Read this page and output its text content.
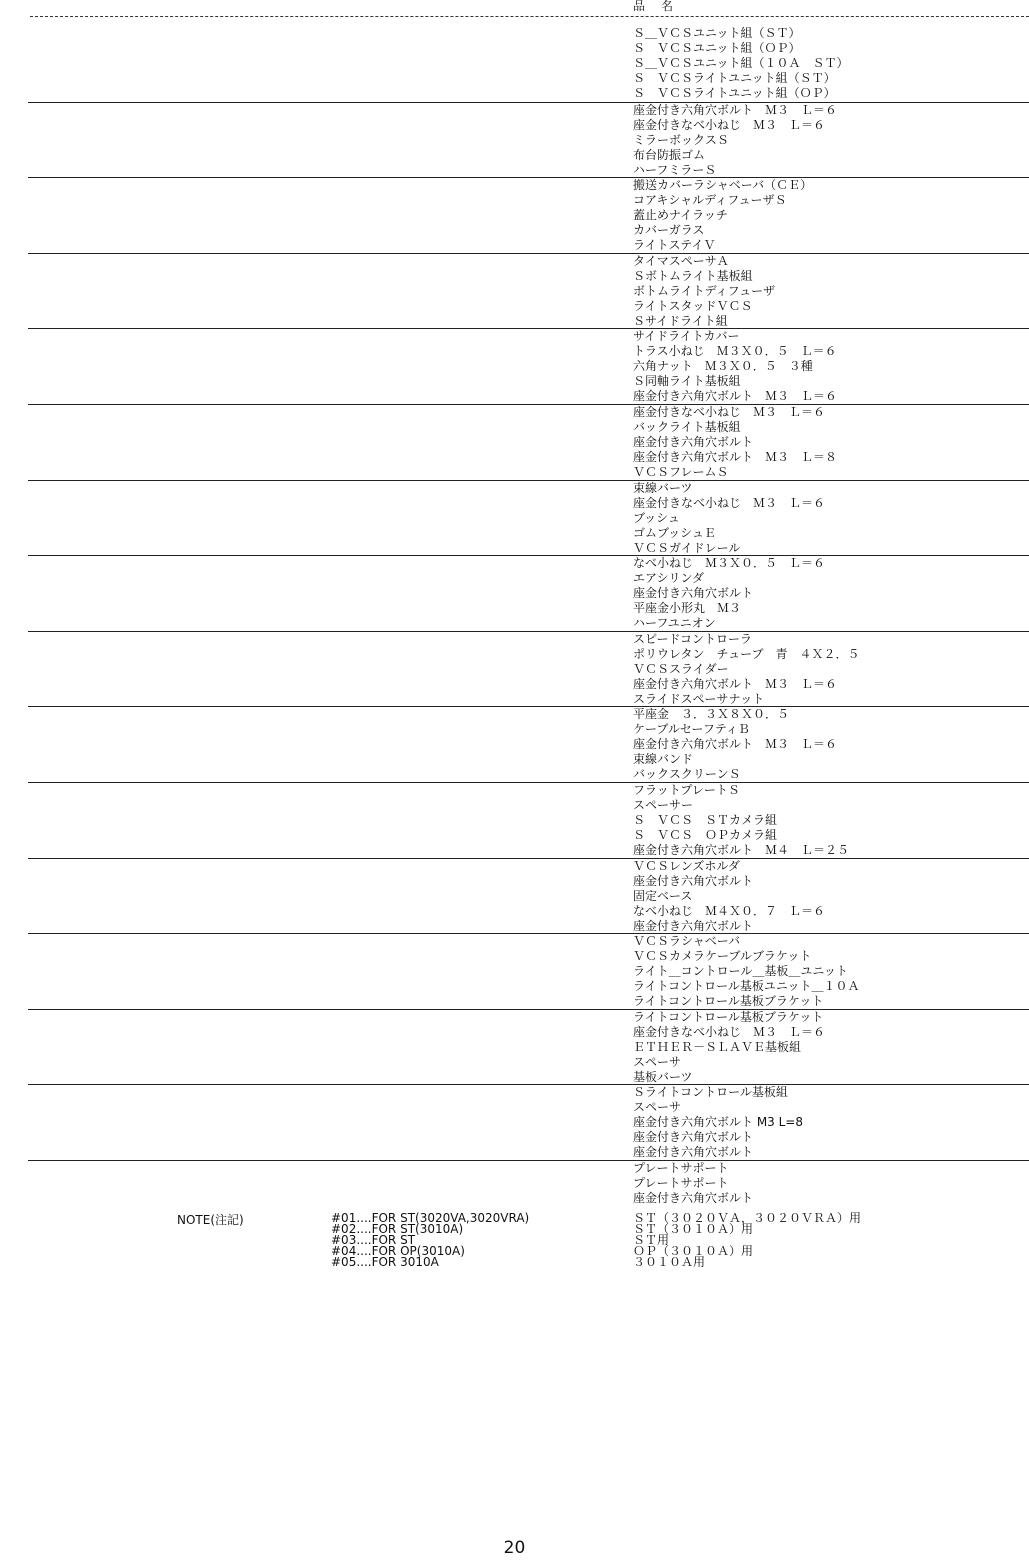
品　名
Ｓ＿ＶＣＳユニット組（ＳＴ）
Ｓ　ＶＣＳユニット組（ＯＰ）
Ｓ＿ＶＣＳユニット組（１０Ａ　ＳＴ）
Ｓ　ＶＣＳライトユニット組（ＳＴ）
Ｓ　ＶＣＳライトユニット組（ＯＰ）
座金付き六角穴ボルト　Ｍ３　Ｌ＝６
座金付きなべ小ねじ　Ｍ３　Ｌ＝６
ミラーボックスＳ
布台防振ゴム
ハーフミラーＳ
搬送カバーラシャベーバ（ＣＥ）
コアキシャルディフューザＳ
蓋止めナイラッチ
カバーガラス
ライトステイＶ
タイマスペーサＡ
Ｓボトムライト基板組
ボトムライトディフューザ
ライトスタッドＶＣＳ
Ｓサイドライト組
サイドライトカバー
トラス小ねじ　Ｍ３Ｘ０．５　Ｌ＝６
六角ナット　Ｍ３Ｘ０．５　３種
Ｓ同軸ライト基板組
座金付き六角穴ボルト　Ｍ３　Ｌ＝６
座金付きなべ小ねじ　Ｍ３　Ｌ＝６
バックライト基板組
座金付き六角穴ボルト
座金付き六角穴ボルト　Ｍ３　Ｌ＝８
ＶＣＳフレームＳ
束線バーツ
座金付きなべ小ねじ　Ｍ３　Ｌ＝６
ブッシュ
ゴムブッシュＥ
ＶＣＳガイドレール
なべ小ねじ　Ｍ３Ｘ０．５　Ｌ＝６
エアシリンダ
座金付き六角穴ボルト
平座金小形丸　Ｍ３
ハーフユニオン
スピードコントローラ
ポリウレタン　チューブ　青　４Ｘ２．５
ＶＣＳスライダー
座金付き六角穴ボルト　Ｍ３　Ｌ＝６
スライドスペーサナット
平座金　３．３Ｘ８Ｘ０．５
ケーブルセーフティＢ
座金付き六角穴ボルト　Ｍ３　Ｌ＝６
束線バンド
バックスクリーンＳ
フラットプレートＳ
スペーサー
Ｓ　ＶＣＳ　ＳＴカメラ組
Ｓ　ＶＣＳ　ＯＰカメラ組
座金付き六角穴ボルト　Ｍ４　Ｌ＝２５
ＶＣＳレンズホルダ
座金付き六角穴ボルト
固定ベース
なべ小ねじ　Ｍ４Ｘ０．７　Ｌ＝６
座金付き六角穴ボルト
ＶＣＳラシャベーバ
ＶＣＳカメラケーブルブラケット
ライト＿コントロール＿基板＿ユニット
ライトコントロール基板ユニット＿１０Ａ
ライトコントロール基板ブラケット
ライトコントロール基板ブラケット
座金付きなべ小ねじ　Ｍ３　Ｌ＝６
ＥＴＨＥＲ－ＳＬＡＶＥ基板組
スペーサ
基板バーツ
Ｓライトコントロール基板組
スペーサ
座金付き六角穴ボルト M3 L=8
座金付き六角穴ボルト
座金付き六角穴ボルト
プレートサポート
プレートサポート
座金付き六角穴ボルト
NOTE(注記)	#01....FOR ST(3020VA,3020VRA)
#02....FOR ST(3010A)
#03....FOR ST
#04....FOR OP(3010A)
#05....FOR 3010A
ＳＴ（３０２０ＶＡ，３０２０ＶＲＡ）用
ＳＴ（３０１０Ａ）用
ＳＴ用
ＯＰ（３０１０Ａ）用
３０１０Ａ用
20
